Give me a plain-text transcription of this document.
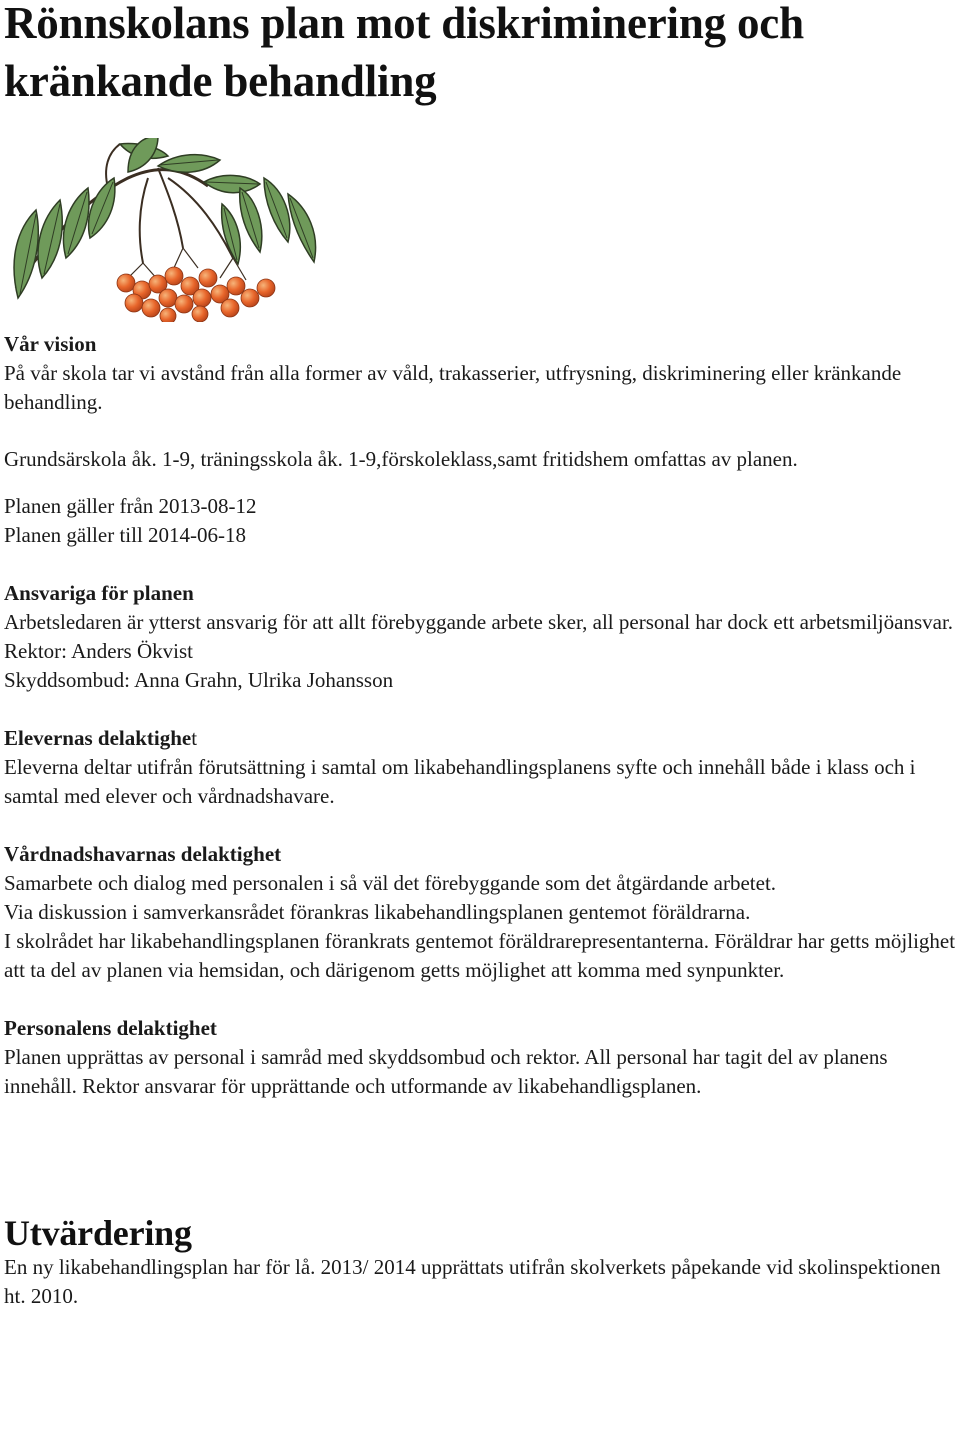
Rönnskolans plan mot diskriminering och kränkande behandling

Vår vision

På vår skola tar vi avstånd från alla former av våld, trakasserier, utfrysning, diskriminering eller kränkande behandling.

Grundsärskola åk. 1-9, träningsskola åk. 1-9,förskoleklass,samt fritidshem omfattas av planen.

Planen gäller från 2013-08-12

Planen gäller till 2014-06-18

Ansvariga för planen

Arbetsledaren är ytterst ansvarig för att allt förebyggande arbete sker, all personal har dock ett arbetsmiljöansvar.

Rektor: Anders Ökvist

Skyddsombud: Anna Grahn, Ulrika Johansson

Elevernas delaktighet

Eleverna deltar utifrån förutsättning i samtal om likabehandlingsplanens syfte och innehåll både i klass och i samtal med elever och vårdnadshavare.

Vårdnadshavarnas delaktighet

Samarbete och dialog med personalen i så väl det förebyggande som det åtgärdande arbetet.

Via diskussion i samverkansrådet förankras likabehandlingsplanen gentemot föräldrarna.

I skolrådet har likabehandlingsplanen förankrats gentemot föräldrarepresentanterna. Föräldrar har getts möjlighet att ta del av planen via hemsidan, och därigenom getts möjlighet att komma med synpunkter.

Personalens delaktighet

Planen upprättas av personal i samråd med skyddsombud och rektor. All personal har tagit del av planens innehåll. Rektor ansvarar för upprättande och utformande av likabehandligsplanen.

Utvärdering

En ny likabehandlingsplan har för lå. 2013/ 2014 upprättats utifrån skolverkets påpekande vid skolinspektionen ht. 2010.
